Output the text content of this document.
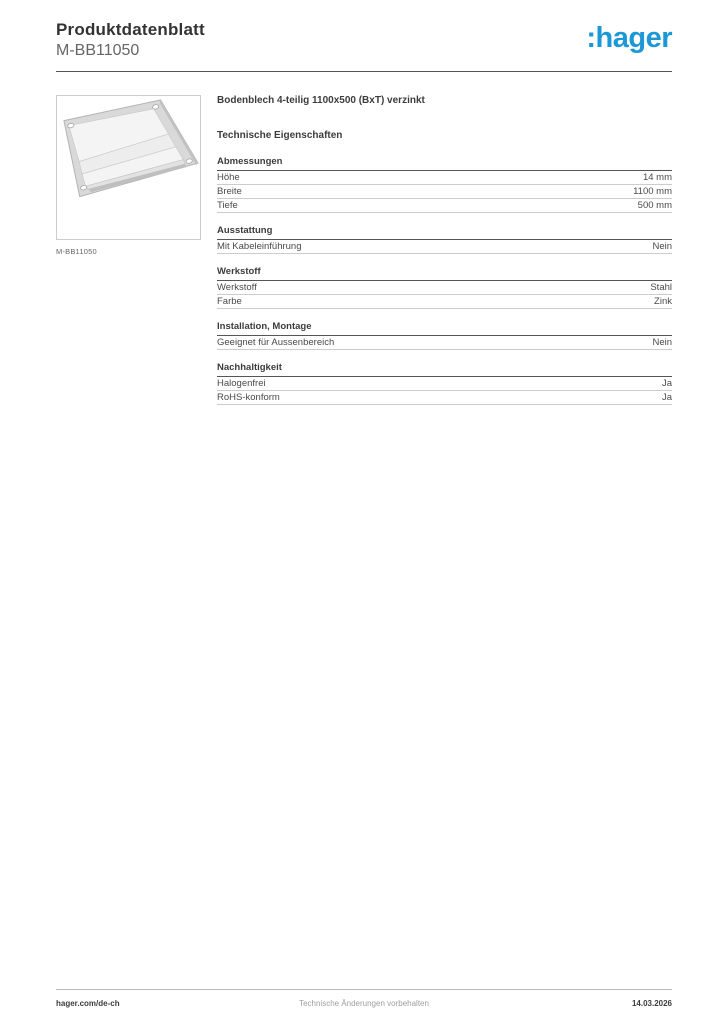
Produktdatenblatt
M-BB11050	:hager
M-BB11050
Bodenblech 4-teilig 1100x500 (BxT) verzinkt
Technische Eigenschaften
Abmessungen
Höhe	14 mm
Breite	1100 mm
Tiefe	500 mm
Ausstattung
Mit Kabeleinführung	Nein
Werkstoff
Werkstoff	Stahl
Farbe	Zink
Installation, Montage
Geeignet für Aussenbereich	Nein
Nachhaltigkeit
Halogenfrei	Ja
RoHS-konform	Ja
hager.com/de-ch	Technische Änderungen vorbehalten	14.03.2026
